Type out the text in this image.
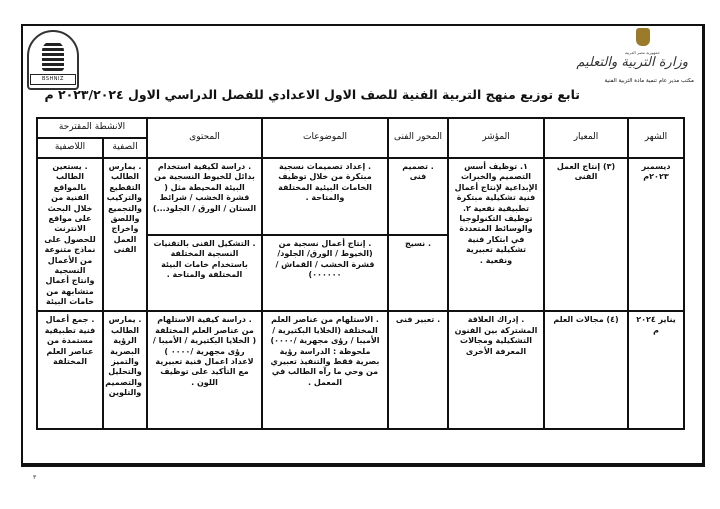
BSHNIZ
جمهورية مصر العربية
وزارة التربية والتعليم
مكتب مدير عام تنمية مادة التربية الفنية
تابع توزيع منهج التربية الفنية للصف الاول الاعدادي للفصل الدراسي الاول ٢٠٢٣/٢٠٢٤ م
الشهر	المعيار	المؤشر	المحور الفنى	الموضوعات	المحتوى	الانشطة المقترحة	
						الصفية	اللاصفية
ديسمبر ٢٠٢٣م	(٣) إنتاج العمل الفنى	١. توظيف أسس التصميم والخبرات الإبداعية لإنتاج أعمال فنية تشكيلية مبتكرة تطبيقية نفعية ٢. توظيف التكنولوجيا والوسائط المتعددة في ابتكار فنية تشكيلية تعبيرية ونفعية .	. تصميم فنى	. إعداد تصميمات نسجية مبتكرة من خلال توظيف الخامات البيئية المختلفة والمتاحة .	. دراسة لكيفية استخدام بدائل للخيوط النسجية من البيئة المحيطة مثل ( قشرة الخشب / شرائط الستان / الورق / الجلود...)	. يمارس الطالب التقطيع والتركيب والتجميع واللصق واخراج العمل الفنى	. يستعين الطالب بالمواقع الفنية من خلال البحث على مواقع الانترنت للحصول على نماذج متنوعة من الأعمال النسجية وانتاج أعمال متشابهة من خامات البيئة
			. نسيج	. إنتاج أعمال نسجية من (الخيوط / الورق/ الجلود/ قشرة الخشب / القماش / ٠٠٠٠٠٠)	. التشكيل الفنى بالتقنيات النسجية المختلفة باستخدام خامات البيئة المختلفة والمتاحة .		
يناير ٢٠٢٤ م	(٤) مجالات العلم	. إدراك العلاقة المشتركة بين الفنون التشكيلية ومجالات المعرفة الأخرى	. تعبير فنى	. الاستلهام من عناصر العلم المختلفة (الخلايا البكتيرية / الأميبا / رؤى مجهرية /٠٠٠٠) ملحوظة : الدراسة رؤية بصرية فقط والتنفيذ تعبيري من وحي ما رآه الطالب في المعمل .	. دراسة كيفية الاستلهام من عناصر العلم المختلفة ( الخلايا البكتيرية / الأميبا / رؤى مجهرية /٠٠٠٠ ) لاعداد اعمال فنية تعبيرية مع التأكيد على توظيف اللون .	. يمارس الطالب الرؤية البصرية والتميز والتحليل والتصميم والتلوين	. جمع أعمال فنية تطبيقية مستمدة من عناصر العلم المختلفة
٣
